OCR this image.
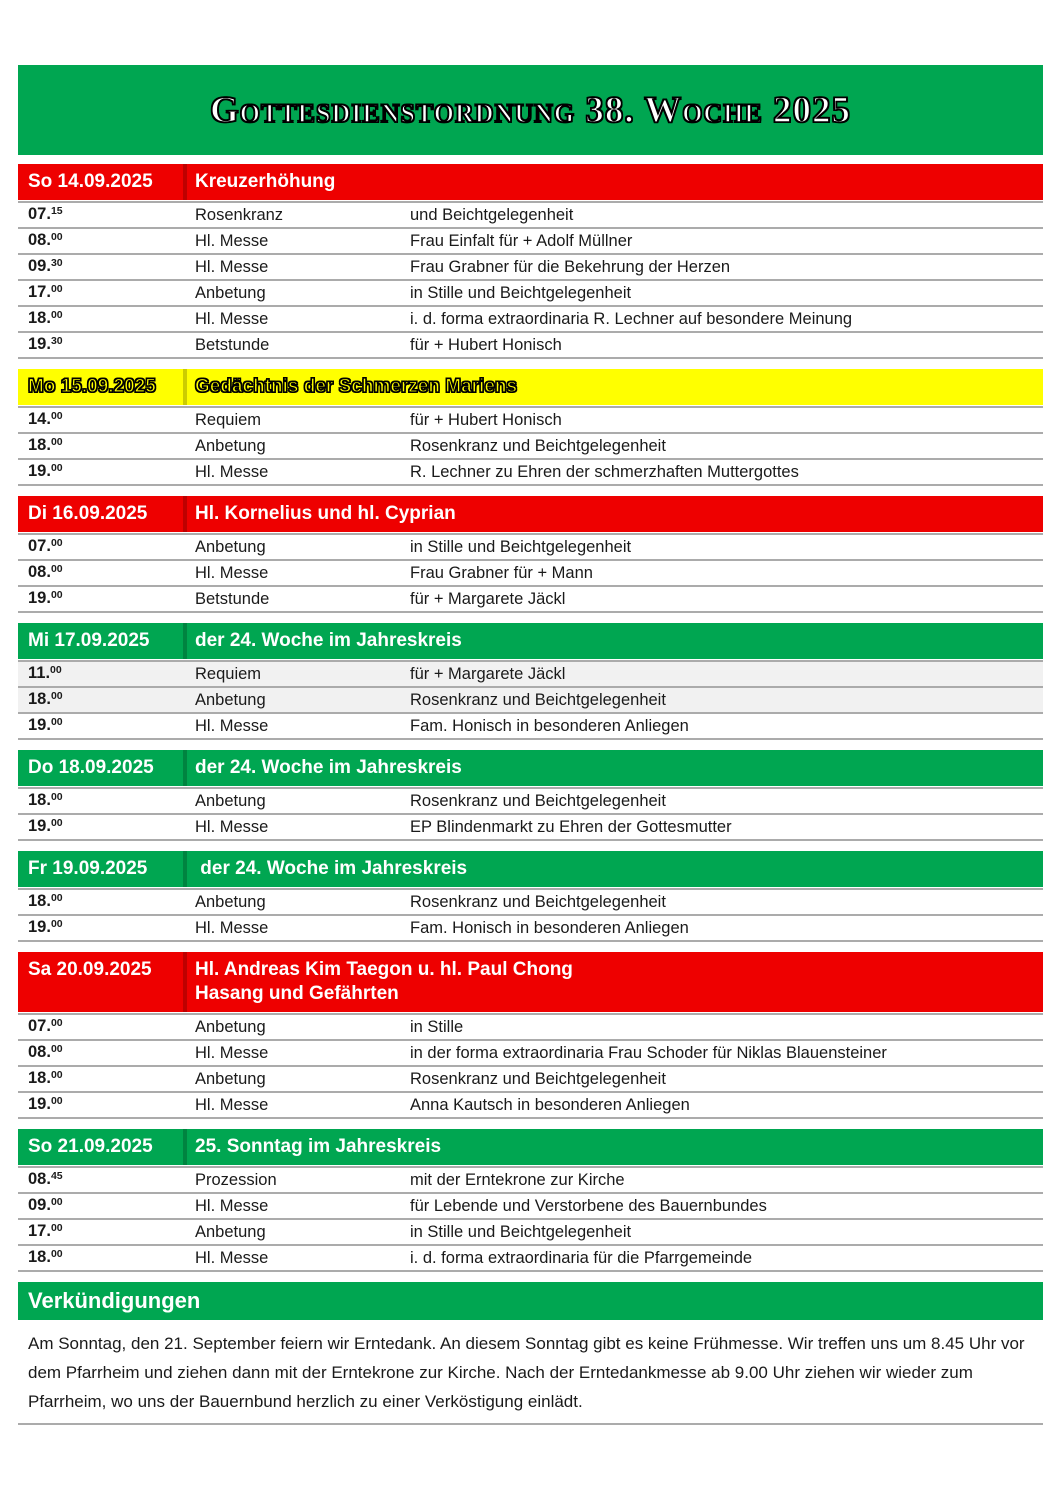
Gottesdienstordnung 38. Woche 2025
So 14.09.2025	Kreuzerhöhung
07.15	Rosenkranz	und Beichtgelegenheit
08.00	Hl. Messe	Frau Einfalt für + Adolf Müllner
09.30	Hl. Messe	Frau Grabner für die Bekehrung der Herzen
17.00	Anbetung	in Stille und Beichtgelegenheit
18.00	Hl. Messe	i. d. forma extraordinaria R. Lechner auf besondere Meinung
19.30	Betstunde	für + Hubert Honisch
Mo 15.09.2025	Gedächtnis der Schmerzen Mariens
14.00	Requiem	für + Hubert Honisch
18.00	Anbetung	Rosenkranz und Beichtgelegenheit
19.00	Hl. Messe	R. Lechner zu Ehren der schmerzhaften Muttergottes
Di 16.09.2025	Hl. Kornelius und hl. Cyprian
07.00	Anbetung	in Stille und Beichtgelegenheit
08.00	Hl. Messe	Frau Grabner für + Mann
19.00	Betstunde	für + Margarete Jäckl
Mi 17.09.2025	der 24. Woche im Jahreskreis
11.00	Requiem	für + Margarete Jäckl
18.00	Anbetung	Rosenkranz und Beichtgelegenheit
19.00	Hl. Messe	Fam. Honisch in besonderen Anliegen
Do 18.09.2025	der 24. Woche im Jahreskreis
18.00	Anbetung	Rosenkranz und Beichtgelegenheit
19.00	Hl. Messe	EP Blindenmarkt zu Ehren der Gottesmutter
Fr 19.09.2025	der 24. Woche im Jahreskreis
18.00	Anbetung	Rosenkranz und Beichtgelegenheit
19.00	Hl. Messe	Fam. Honisch in besonderen Anliegen
Sa 20.09.2025	Hl. Andreas Kim Taegon u. hl. Paul Chong
Hasang und Gefährten
07.00	Anbetung	in Stille
08.00	Hl. Messe	in der forma extraordinaria Frau Schoder für Niklas Blauensteiner
18.00	Anbetung	Rosenkranz und Beichtgelegenheit
19.00	Hl. Messe	Anna Kautsch in besonderen Anliegen
So 21.09.2025	25. Sonntag im Jahreskreis
08.45	Prozession	mit der Erntekrone zur Kirche
09.00	Hl. Messe	für Lebende und Verstorbene des Bauernbundes
17.00	Anbetung	in Stille und Beichtgelegenheit
18.00	Hl. Messe	i. d. forma extraordinaria für die Pfarrgemeinde
Verkündigungen
Am Sonntag, den 21. September feiern wir Erntedank. An diesem Sonntag gibt es keine Frühmesse. Wir treffen uns um 8.45 Uhr vor dem Pfarrheim und ziehen dann mit der Erntekrone zur Kirche. Nach der Erntedankmesse ab 9.00 Uhr ziehen wir wieder zum Pfarrheim, wo uns der Bauernbund herzlich zu einer Verköstigung einlädt.
